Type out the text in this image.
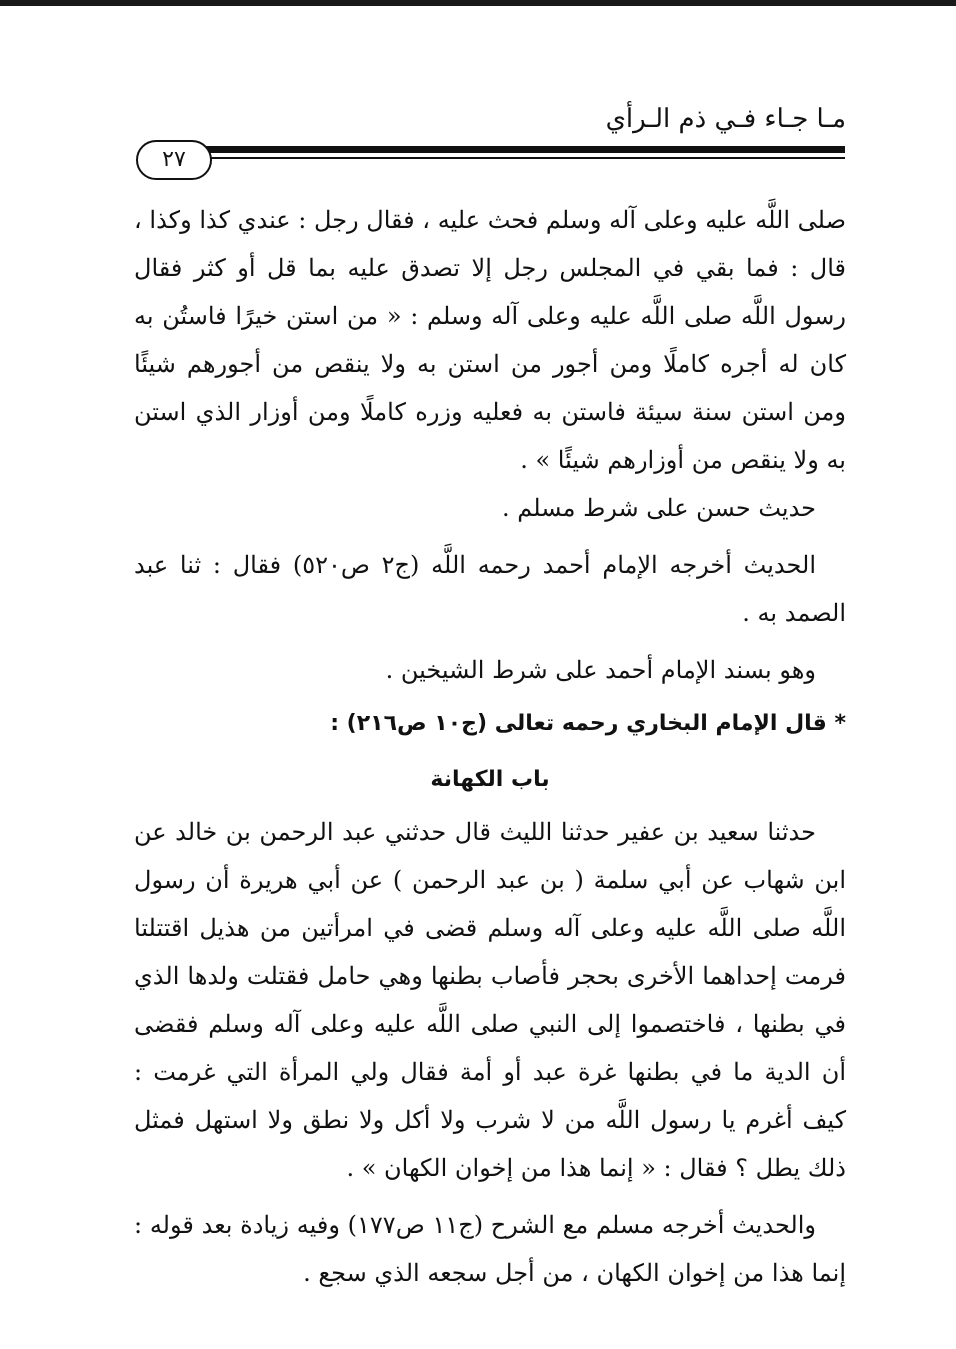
مـا جـاء فـي ذم الـرأي
٢٧

صلى اللَّه عليه وعلى آله وسلم فحث عليه ، فقال رجل : عندي كذا وكذا ، قال : فما بقي في المجلس رجل إلا تصدق عليه بما قل أو كثر فقال رسول اللَّه صلى اللَّه عليه وعلى آله وسلم : « من استن خيرًا فاستُن به كان له أجره كاملًا ومن أجور من استن به ولا ينقص من أجورهم شيئًا ومن استن سنة سيئة فاستن به فعليه وزره كاملًا ومن أوزار الذي استن به ولا ينقص من أوزارهم شيئًا » .

حديث حسن على شرط مسلم .

الحديث أخرجه الإمام أحمد رحمه اللَّه (ج٢ ص٥٢٠) فقال : ثنا عبد الصمد به .

وهو بسند الإمام أحمد على شرط الشيخين .

* قال الإمام البخاري رحمه تعالى (ج١٠ ص٢١٦) :

باب الكهانة

حدثنا سعيد بن عفير حدثنا الليث قال حدثني عبد الرحمن بن خالد عن ابن شهاب عن أبي سلمة ( بن عبد الرحمن ) عن أبي هريرة أن رسول اللَّه صلى اللَّه عليه وعلى آله وسلم قضى في امرأتين من هذيل اقتتلتا فرمت إحداهما الأخرى بحجر فأصاب بطنها وهي حامل فقتلت ولدها الذي في بطنها ، فاختصموا إلى النبي صلى اللَّه عليه وعلى آله وسلم فقضى أن الدية ما في بطنها غرة عبد أو أمة فقال ولي المرأة التي غرمت : كيف أغرم يا رسول اللَّه من لا شرب ولا أكل ولا نطق ولا استهل فمثل ذلك يطل ؟ فقال : « إنما هذا من إخوان الكهان » .

والحديث أخرجه مسلم مع الشرح (ج١١ ص١٧٧) وفيه زيادة بعد قوله : إنما هذا من إخوان الكهان ، من أجل سجعه الذي سجع .
